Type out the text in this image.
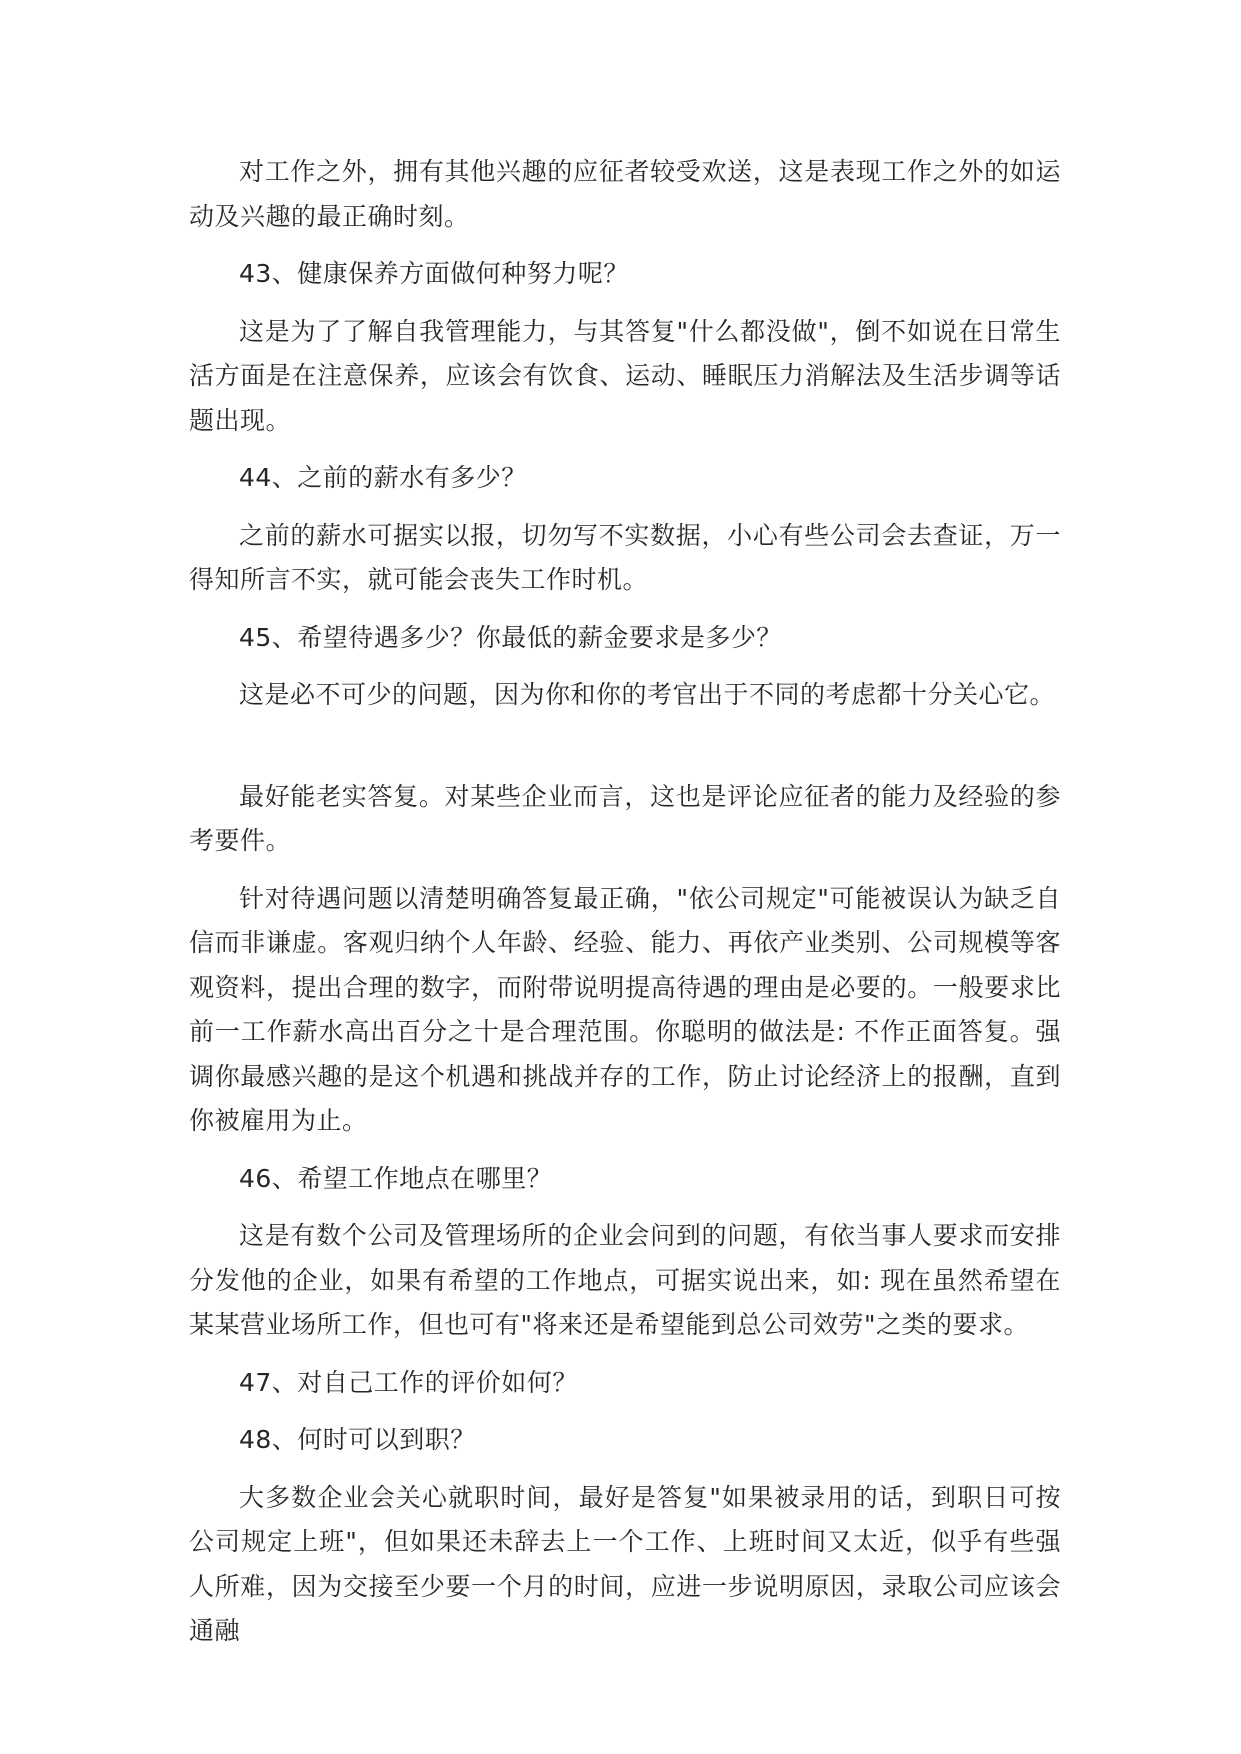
对工作之外，拥有其他兴趣的应征者较受欢送，这是表现工作之外的如运动及兴趣的最正确时刻。

43、健康保养方面做何种努力呢？

这是为了了解自我管理能力，与其答复"什么都没做"，倒不如说在日常生活方面是在注意保养，应该会有饮食、运动、睡眠压力消解法及生活步调等话题出现。

44、之前的薪水有多少？

之前的薪水可据实以报，切勿写不实数据，小心有些公司会去查证，万一得知所言不实，就可能会丧失工作时机。

45、希望待遇多少？你最低的薪金要求是多少？

这是必不可少的问题，因为你和你的考官出于不同的考虑都十分关心它。

最好能老实答复。对某些企业而言，这也是评论应征者的能力及经验的参考要件。

针对待遇问题以清楚明确答复最正确，"依公司规定"可能被误认为缺乏自信而非谦虚。客观归纳个人年龄、经验、能力、再依产业类别、公司规模等客观资料，提出合理的数字，而附带说明提高待遇的理由是必要的。一般要求比前一工作薪水高出百分之十是合理范围。你聪明的做法是: 不作正面答复。强调你最感兴趣的是这个机遇和挑战并存的工作，防止讨论经济上的报酬，直到你被雇用为止。

46、希望工作地点在哪里？

这是有数个公司及管理场所的企业会问到的问题，有依当事人要求而安排分发他的企业，如果有希望的工作地点，可据实说出来，如: 现在虽然希望在某某营业场所工作，但也可有"将来还是希望能到总公司效劳"之类的要求。

47、对自己工作的评价如何？

48、何时可以到职？

大多数企业会关心就职时间，最好是答复"如果被录用的话，到职日可按公司规定上班"，但如果还未辞去上一个工作、上班时间又太近，似乎有些强人所难，因为交接至少要一个月的时间，应进一步说明原因，录取公司应该会通融
